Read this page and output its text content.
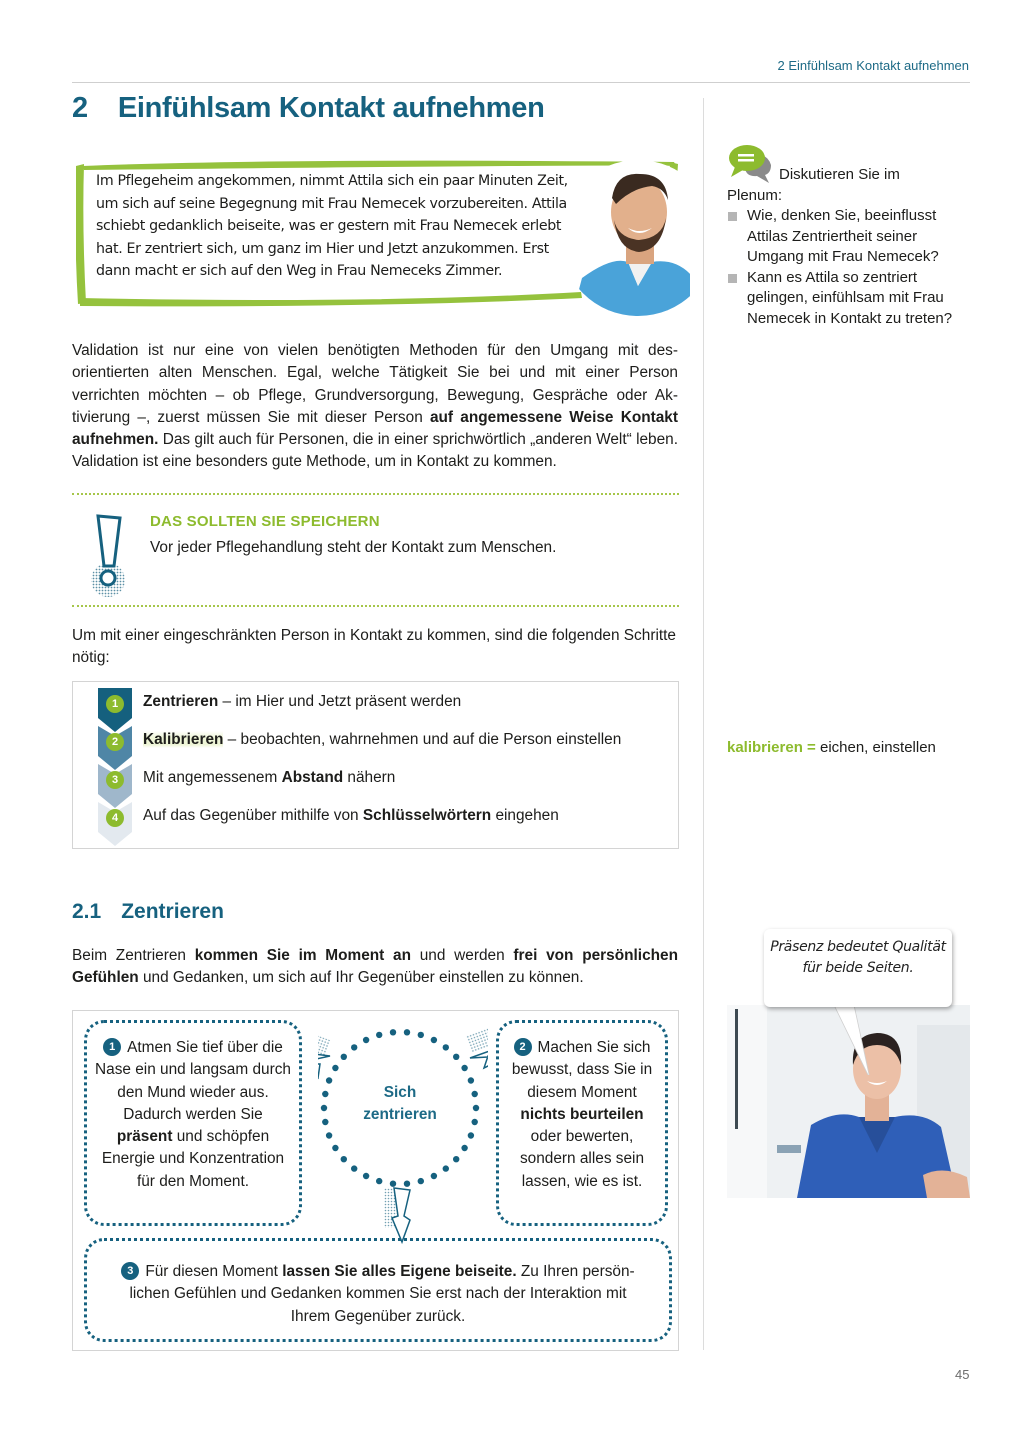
2 Einfühlsam Kontakt aufnehmen
2 Einfühlsam Kontakt aufnehmen

Im Pflegeheim angekommen, nimmt Attila sich ein paar Minuten Zeit, um sich auf seine Begegnung mit Frau Nemecek vorzubereiten. Attila schiebt gedanklich beiseite, was er gestern mit Frau Nemecek erlebt hat. Er zentriert sich, um ganz im Hier und Jetzt anzukommen. Erst dann macht er sich auf den Weg in Frau Nemeceks Zimmer.

Diskutieren Sie im
Plenum:
Wie, denken Sie, beeinflusst Attilas Zentriertheit seiner Umgang mit Frau Nemecek?
Kann es Attila so zentriert gelingen, einfühlsam mit Frau Nemecek in Kontakt zu treten?

Validation ist nur eine von vielen benötigten Methoden für den Umgang mit desorientierten alten Menschen. Egal, welche Tätigkeit Sie bei und mit einer Person verrichten möchten – ob Pflege, Grundversorgung, Bewegung, Gespräche oder Aktivierung –, zuerst müssen Sie mit dieser Person auf angemessene Weise Kontakt aufnehmen. Das gilt auch für Personen, die in einer sprichwörtlich „anderen Welt“ leben. Validation ist eine besonders gute Methode, um in Kontakt zu kommen.

DAS SOLLTEN SIE SPEICHERN
Vor jeder Pflegehandlung steht der Kontakt zum Menschen.

Um mit einer eingeschränkten Person in Kontakt zu kommen, sind die folgenden Schritte nötig:

1	Zentrieren – im Hier und Jetzt präsent werden
2	Kalibrieren – beobachten, wahrnehmen und auf die Person einstellen
3	Mit angemessenem Abstand nähern
4	Auf das Gegenüber mithilfe von Schlüsselwörtern eingehen
kalibrieren = eichen, einstellen
2.1 Zentrieren

Beim Zentrieren kommen Sie im Moment an und werden frei von persönlichen Gefühlen und Gedanken, um sich auf Ihr Gegenüber einstellen zu können.

1 Atmen Sie tief über die Nase ein und langsam durch den Mund wieder aus. Dadurch werden Sie präsent und schöpfen Energie und Konzentration für den Moment.
2 Machen Sie sich bewusst, dass Sie in diesem Moment nichts beurteilen oder bewerten, sondern alles sein lassen, wie es ist.
3 Für diesen Moment lassen Sie alles Eigene beiseite. Zu Ihren persönlichen Gefühlen und Gedanken kommen Sie erst nach der Interaktion mit Ihrem Gegenüber zurück.
Sich
zentrieren
Präsenz bedeutet Qualität für beide Seiten.
45
